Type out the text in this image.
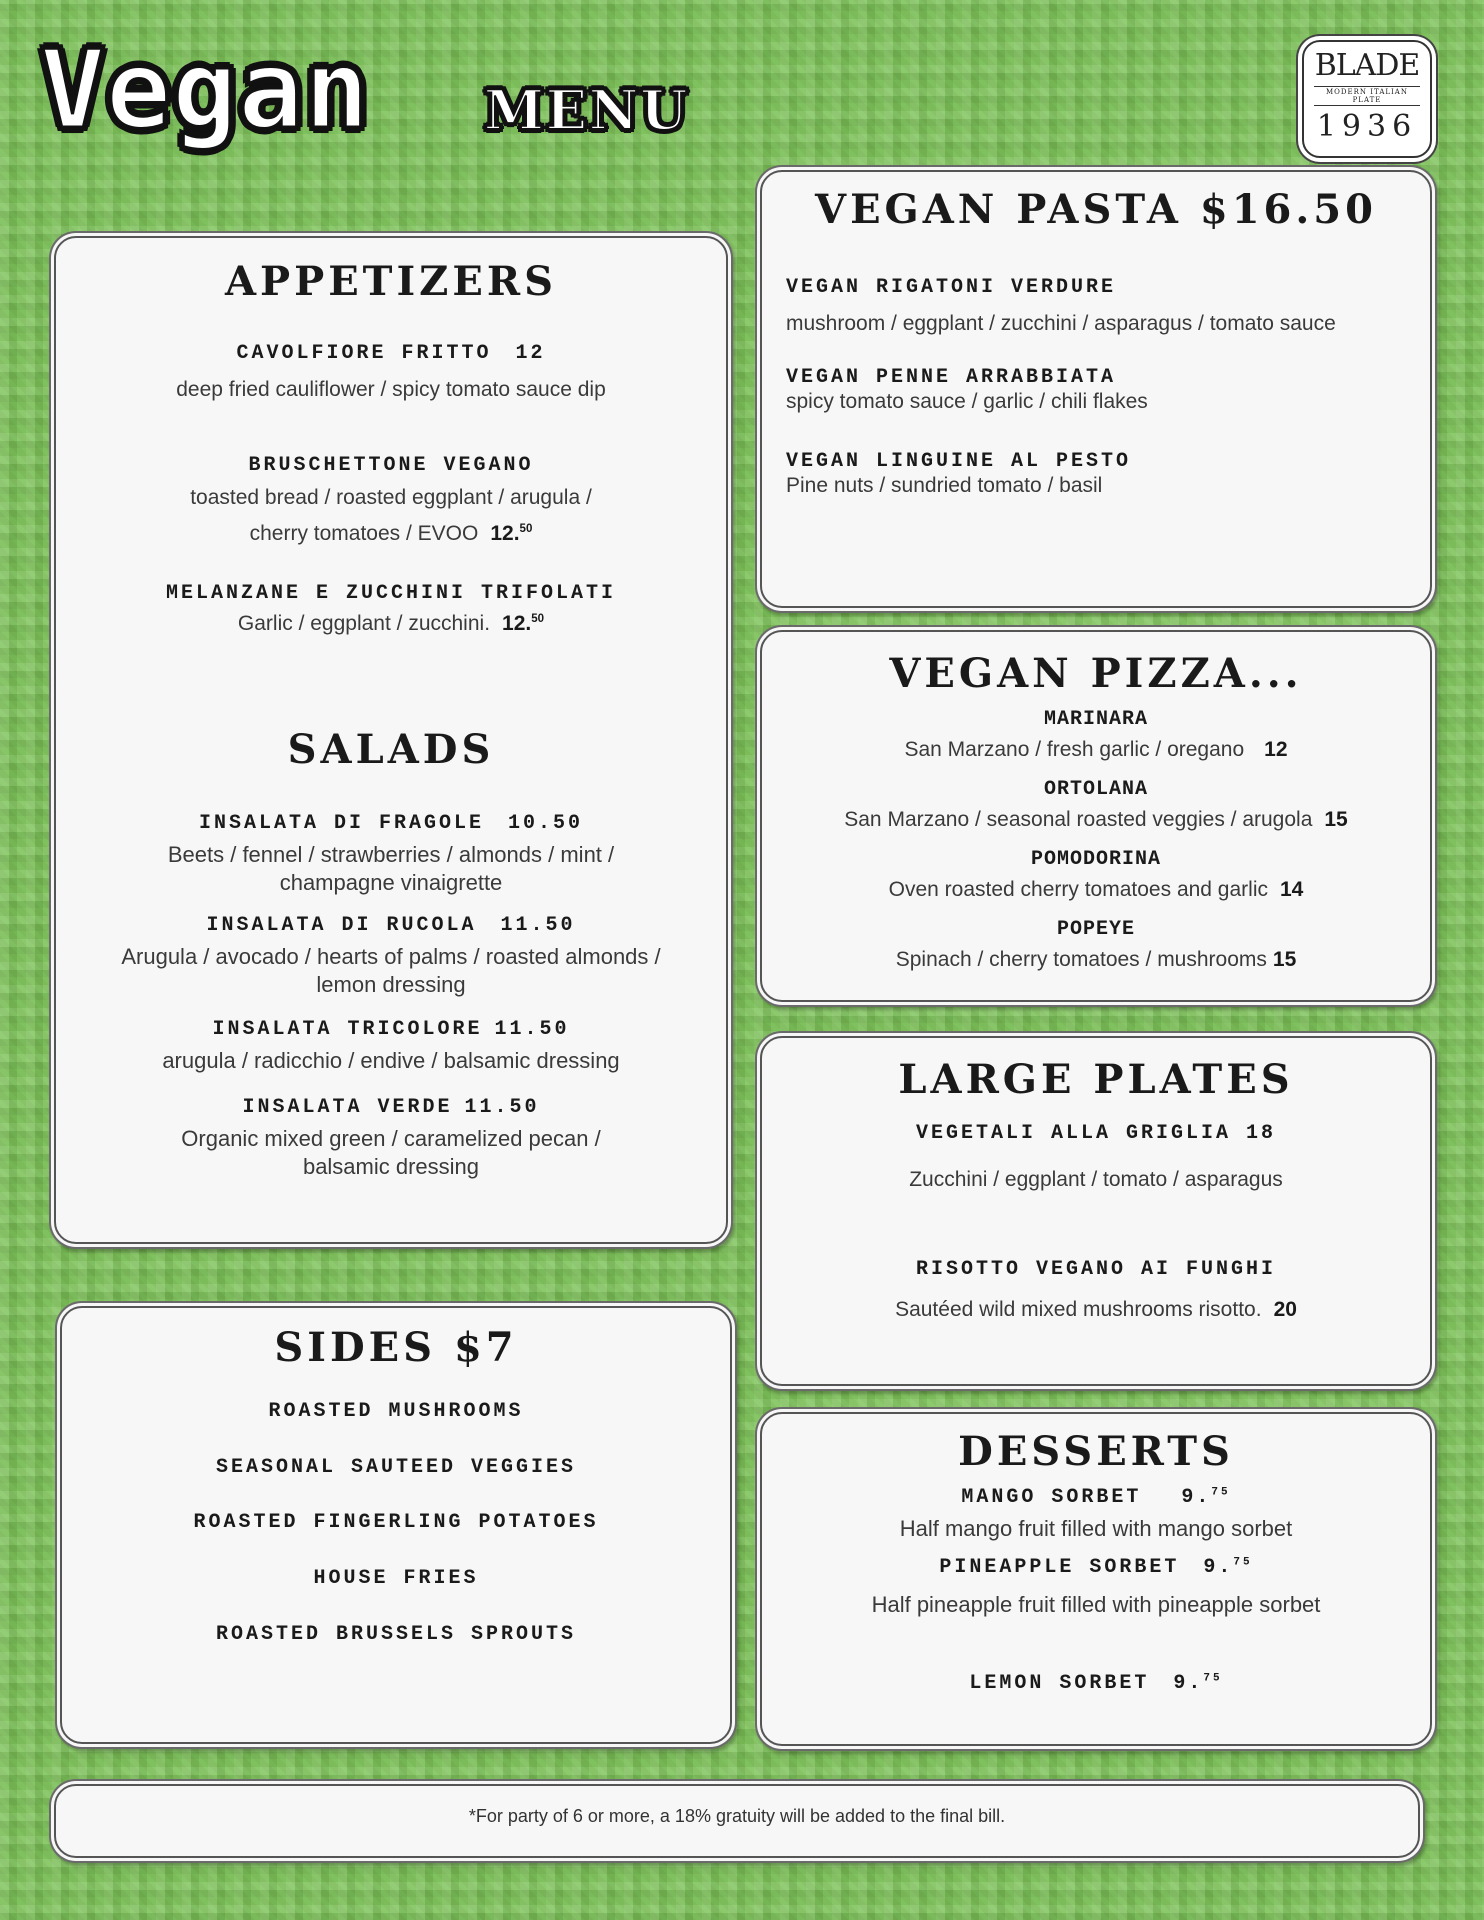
Vegan MENU
BLADE
MODERN ITALIAN PLATE
1936
APPETIZERS
CAVOLFIORE FRITTO 12
deep fried cauliflower / spicy tomato sauce dip
BRUSCHETTONE VEGANO
toasted bread / roasted eggplant / arugula /
cherry tomatoes / EVOO 12.50
MELANZANE E ZUCCHINI TRIFOLATI
Garlic / eggplant / zucchini. 12.50
SALADS
INSALATA DI FRAGOLE 10.50
Beets / fennel / strawberries / almonds / mint /
champagne vinaigrette
INSALATA DI RUCOLA 11.50
Arugula / avocado / hearts of palms / roasted almonds /
lemon dressing
INSALATA TRICOLORE 11.50
arugula / radicchio / endive / balsamic dressing
INSALATA VERDE 11.50
Organic mixed green / caramelized pecan /
balsamic dressing
SIDES $7
ROASTED MUSHROOMS
SEASONAL SAUTEED VEGGIES
ROASTED FINGERLING POTATOES
HOUSE FRIES
ROASTED BRUSSELS SPROUTS
VEGAN PASTA $16.50
VEGAN RIGATONI VERDURE
mushroom / eggplant / zucchini / asparagus / tomato sauce
VEGAN PENNE ARRABBIATA
spicy tomato sauce / garlic / chili flakes
VEGAN LINGUINE AL PESTO
Pine nuts / sundried tomato / basil
VEGAN PIZZA...
MARINARA
San Marzano / fresh garlic / oregano 12
ORTOLANA
San Marzano / seasonal roasted veggies / arugola 15
POMODORINA
Oven roasted cherry tomatoes and garlic 14
POPEYE
Spinach / cherry tomatoes / mushrooms 15
LARGE PLATES
VEGETALI ALLA GRIGLIA 18
Zucchini / eggplant / tomato / asparagus
RISOTTO VEGANO AI FUNGHI
Sautéed wild mixed mushrooms risotto. 20
DESSERTS
MANGO SORBET 9.75
Half mango fruit filled with mango sorbet
PINEAPPLE SORBET 9.75
Half pineapple fruit filled with pineapple sorbet
LEMON SORBET 9.75
*For party of 6 or more, a 18% gratuity will be added to the final bill.
